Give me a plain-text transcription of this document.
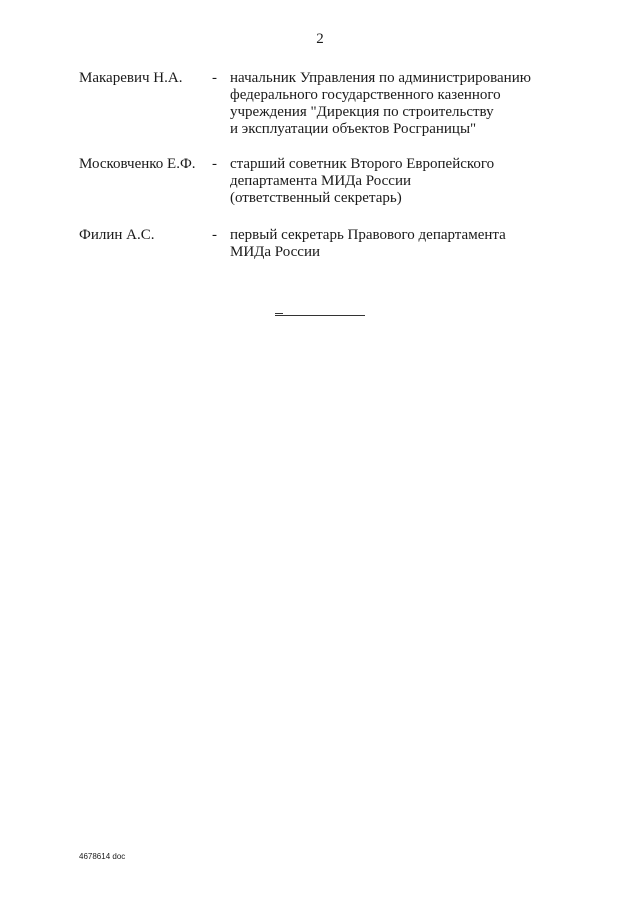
2
Макаревич Н.А. - начальник Управления по администрированию
федерального государственного казенного
учреждения "Дирекция по строительству
и эксплуатации объектов Росграницы"
Московченко Е.Ф. - старший советник Второго Европейского
департамента МИДа России
(ответственный секретарь)
Филин А.С.	- первый секретарь Правового департамента
МИДа России
4678614 doc
